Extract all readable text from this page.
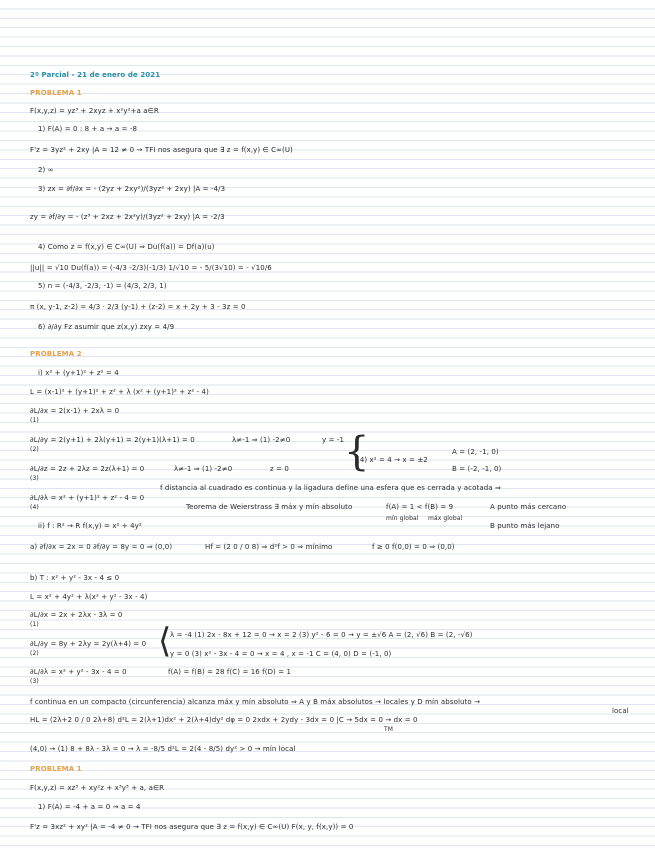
2º Parcial - 21 de enero de 2021
PROBLEMA 1
F(x,y,z) = yz³ + 2xyz + x²y²+a a∈R
1) F(A) = 0 : 8 + a → a = -8
F'z = 3yz² + 2xy |A = 12 ≠ 0 → TFI nos asegura que ∃ z = f(x,y) ∈ C∞(U)
2) ∞
3) zx = ∂f/∂x = - (2yz + 2xy²)/(3yz² + 2xy) |A = -4/3
zy = ∂f/∂y = - (z³ + 2xz + 2x²y)/(3yz² + 2xy) |A = -2/3
4) Como z = f(x,y) ∈ C∞(U) ⇒ Du(f(a)) = Df(a)(u)
||u|| = √10 Du(f(a)) = (-4/3 -2/3)(-1/3) 1/√10 = - 5/(3√10) = - √10/6
5) n = (-4/3, -2/3, -1) = (4/3, 2/3, 1)
π (x, y-1, z-2) = 4/3 · 2/3 (y-1) + (z-2) = x + 2y + 3 - 3z = 0
6) ∂/∂y Fz asumir que z(x,y) zxy = 4/9
PROBLEMA 2
i) x² + (y+1)² + z² = 4
L = (x-1)² + (y+1)² + z² + λ (x² + (y+1)² + z² - 4)
∂L/∂x = 2(x-1) + 2xλ = 0
(1)
∂L/∂y = 2(y+1) + 2λ(y+1) = 2(y+1)(λ+1) = 0
(2)
λ≠-1 ⇒ (1) -2≠0	y = -1
∂L/∂z = 2z + 2λz = 2z(λ+1) = 0
(3)
λ≠-1 ⇒ (1) -2≠0	z = 0 {
(4) x² = 4 → x = ±2
A = (2, -1, 0)
B = (-2, -1, 0)
∂L/∂λ = x² + (y+1)² + z² - 4 = 0
(4)
f distancia al cuadrado es continua y la ligadura define una esfera que es cerrada y acotada ⇒
Teorema de Weierstrass ∃ máx y mín absoluto	f(A) = 1 < f(B) = 9
mín global máx global
A punto más cercano
B punto más lejano
ii) f : R² → R f(x,y) = x² + 4y²
a) ∂f/∂x = 2x = 0 ∂f/∂y = 8y = 0 ⇒ (0,0)	Hf = (2 0 / 0 8) ⇒ d²f > 0 ⇒ mínimo	f ≥ 0 f(0,0) = 0 ⇒ (0,0)
b) T : x² + y² - 3x - 4 ≤ 0
L = x² + 4y² + λ(x² + y² - 3x - 4)
∂L/∂x = 2x + 2λx - 3λ = 0
(1)
∂L/∂y = 8y + 2λy = 2y(λ+4) = 0
(2)	⟨
λ = -4 (1) 2x - 8x + 12 = 0 → x = 2 (3) y² - 6 = 0 → y = ±√6 A = (2, √6) B = (2, -√6)
y = 0 (3) x² - 3x - 4 = 0 → x = 4 , x = -1 C = (4, 0) D = (-1, 0)
∂L/∂λ = x² + y² - 3x - 4 = 0
(3)
f(A) = f(B) = 28 f(C) = 16 f(D) = 1
f continua en un compacto (circunferencia) alcanza máx y mín absoluto ⇒ A y B máx absolutos → locales y D mín absoluto →
local
HL = (2λ+2 0 / 0 2λ+8) d²L = 2(λ+1)dx² + 2(λ+4)dy² dφ = 0 2xdx + 2ydy - 3dx = 0 |C → 5dx = 0 → dx = 0
TM
(4,0) → (1) 8 + 8λ - 3λ = 0 → λ = -8/5 d²L = 2(4 - 8/5) dy² > 0 → mín local
PROBLEMA 1
F(x,y,z) = xz³ + xy²z + x³y³ + a, a∈R
1) F(A) = -4 + a = 0 → a = 4
F'z = 3xz² + xy² |A = -4 ≠ 0 → TFI nos asegura que ∃ z = f(x,y) ∈ C∞(U) F(x, y, f(x,y)) = 0
